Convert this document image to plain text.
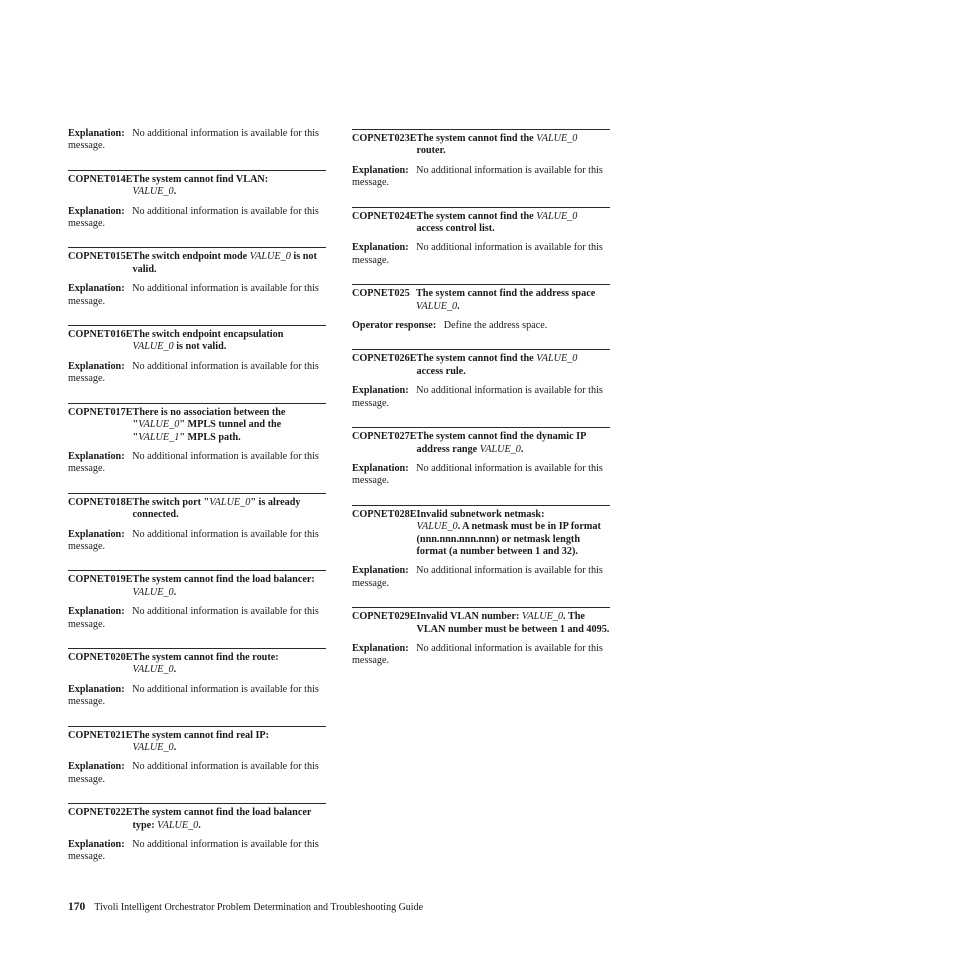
Explanation: No additional information is available for this message.
COPNET014E The system cannot find VLAN:
VALUE_0.
Explanation: No additional information is available for this message.
COPNET015E The switch endpoint mode VALUE_0 is not valid.
Explanation: No additional information is available for this message.
COPNET016E The switch endpoint encapsulation VALUE_0 is not valid.
Explanation: No additional information is available for this message.
COPNET017E There is no association between the "VALUE_0" MPLS tunnel and the "VALUE_1" MPLS path.
Explanation: No additional information is available for this message.
COPNET018E The switch port "VALUE_0" is already connected.
Explanation: No additional information is available for this message.
COPNET019E The system cannot find the load balancer: VALUE_0.
Explanation: No additional information is available for this message.
COPNET020E The system cannot find the route:
VALUE_0.
Explanation: No additional information is available for this message.
COPNET021E The system cannot find real IP:
VALUE_0.
Explanation: No additional information is available for this message.
COPNET022E The system cannot find the load balancer type: VALUE_0.
Explanation: No additional information is available for this message.
COPNET023E The system cannot find the VALUE_0
router.
Explanation: No additional information is available for this message.
COPNET024E The system cannot find the VALUE_0
access control list.
Explanation: No additional information is available for this message.
COPNET025 The system cannot find the address space VALUE_0.
Operator response: Define the address space.
COPNET026E The system cannot find the VALUE_0
access rule.
Explanation: No additional information is available for this message.
COPNET027E The system cannot find the dynamic IP address range VALUE_0.
Explanation: No additional information is available for this message.
COPNET028E Invalid subnetwork netmask:
VALUE_0. A netmask must be in IP format (nnn.nnn.nnn.nnn) or netmask length format (a number between 1 and 32).
Explanation: No additional information is available for this message.
COPNET029E Invalid VLAN number: VALUE_0. The VLAN number must be between 1 and 4095.
Explanation: No additional information is available for this message.
170 Tivoli Intelligent Orchestrator Problem Determination and Troubleshooting Guide
